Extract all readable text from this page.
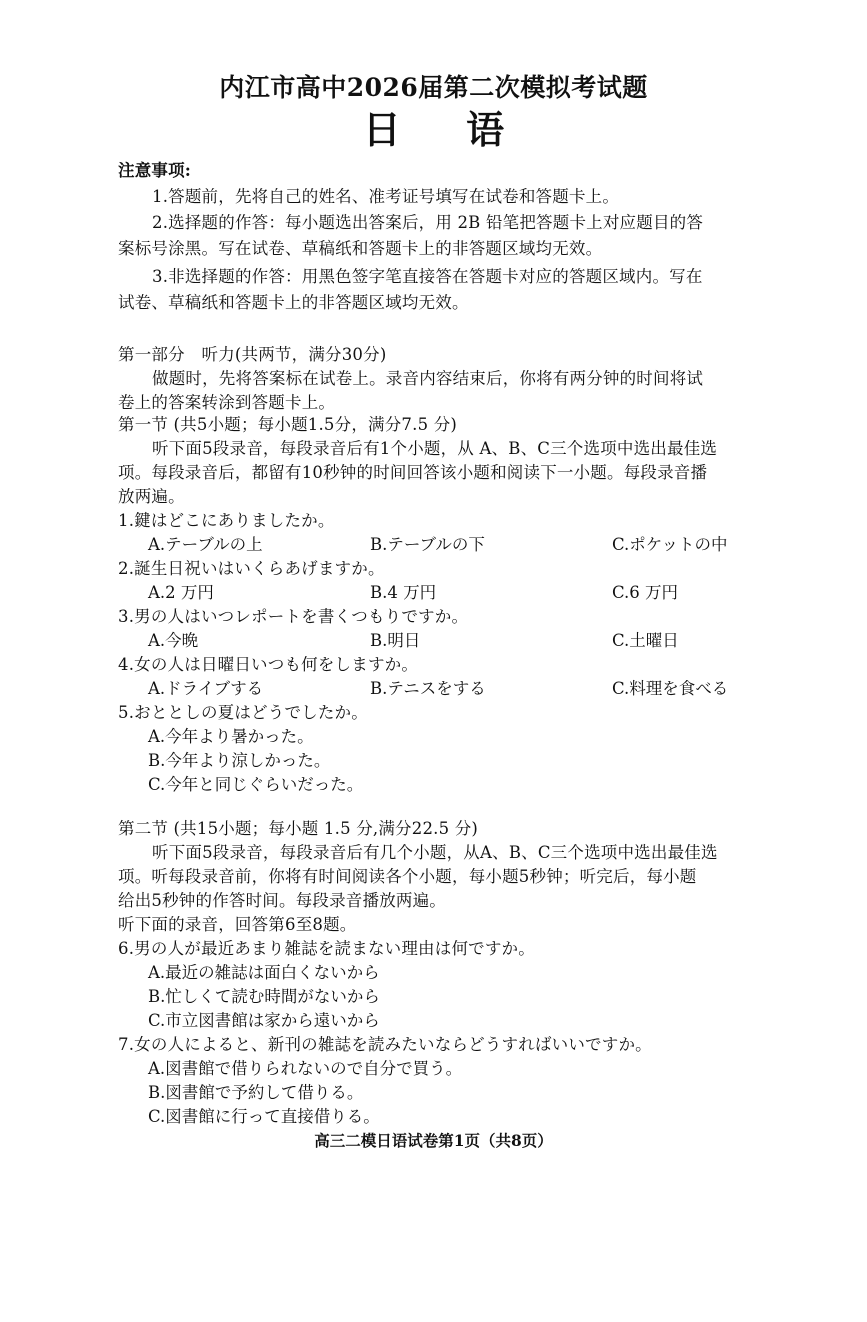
内江市高中2026届第二次模拟考试题
日 语
注意事项:
1.答题前，先将自己的姓名、准考证号填写在试卷和答题卡上。
2.选择题的作答：每小题选出答案后，用 2B 铅笔把答题卡上对应题目的答
案标号涂黑。写在试卷、草稿纸和答题卡上的非答题区域均无效。
3.非选择题的作答：用黑色签字笔直接答在答题卡对应的答题区域内。写在
试卷、草稿纸和答题卡上的非答题区域均无效。
第一部分　听力(共两节，满分30分)
做题时，先将答案标在试卷上。录音内容结束后，你将有两分钟的时间将试
卷上的答案转涂到答题卡上。
第一节 (共5小题；每小题1.5分，满分7.5 分)
听下面5段录音，每段录音后有1个小题，从 A、B、C三个选项中选出最佳选
项。每段录音后，都留有10秒钟的时间回答该小题和阅读下一小题。每段录音播
放两遍。
1.鍵はどこにありましたか。
A.テーブルの上	B.テーブルの下	C.ポケットの中
2.誕生日祝いはいくらあげますか。
A.2 万円	B.4 万円	C.6 万円
3.男の人はいつレポートを書くつもりですか。
A.今晩	B.明日	C.土曜日
4.女の人は日曜日いつも何をしますか。
A.ドライブする	B.テニスをする	C.料理を食べる
5.おととしの夏はどうでしたか。
A.今年より暑かった。
B.今年より涼しかった。
C.今年と同じぐらいだった。
第二节 (共15小题；每小题 1.5 分,满分22.5 分)
听下面5段录音，每段录音后有几个小题，从A、B、C三个选项中选出最佳选
项。听每段录音前，你将有时间阅读各个小题，每小题5秒钟；听完后，每小题
给出5秒钟的作答时间。每段录音播放两遍。
听下面的录音，回答第6至8题。
6.男の人が最近あまり雑誌を読まない理由は何ですか。
A.最近の雑誌は面白くないから
B.忙しくて読む時間がないから
C.市立図書館は家から遠いから
7.女の人によると、新刊の雑誌を読みたいならどうすればいいですか。
A.図書館で借りられないので自分で買う。
B.図書館で予約して借りる。
C.図書館に行って直接借りる。
高三二模日语试卷第1页（共8页）
